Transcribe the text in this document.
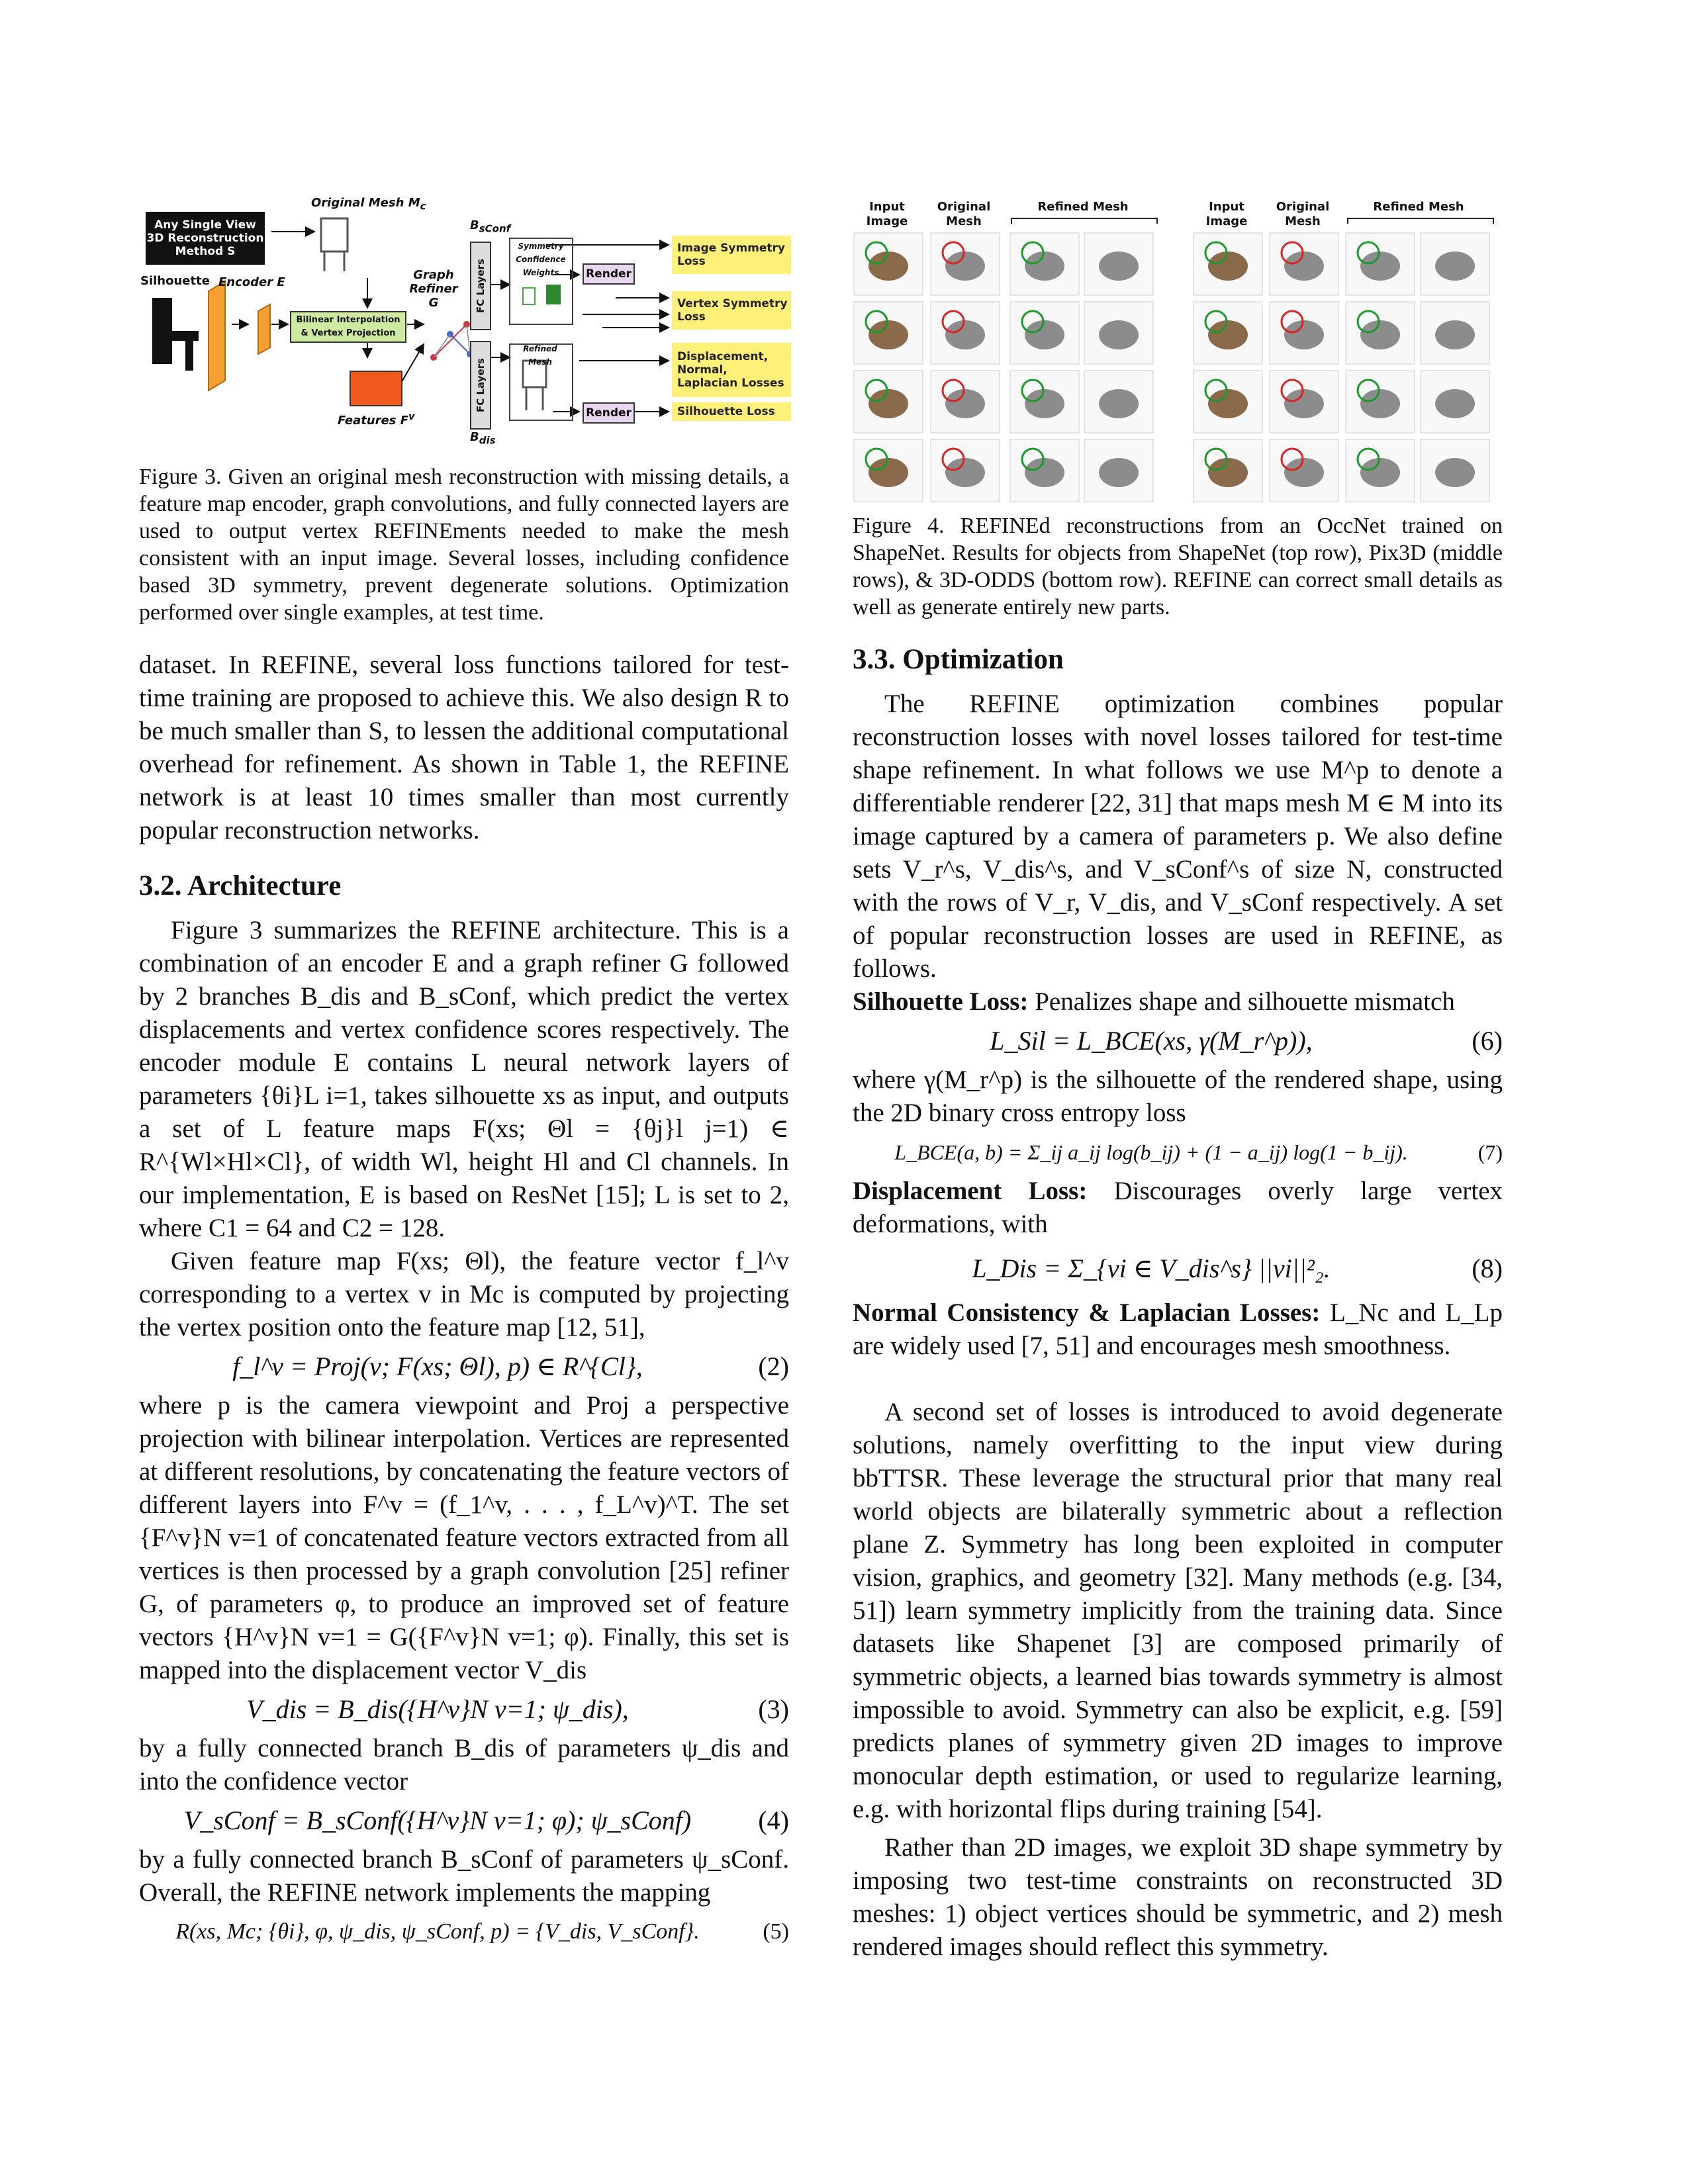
Any Single View 3D Reconstruction Method S
Original Mesh $M_c$
Silhouette Encoder E
Graph Refiner G
Bilinear Interpolation & Vertex Projection
Features $F^v$
$B_{sConf}$
FC Layers
FC Layers
$B_{dis}$
Symmetry Confidence Weights
Refined Mesh
Render
Render
Image Symmetry Loss
Vertex Symmetry Loss
Displacement, Normal, Laplacian Losses
Silhouette Loss

Figure 3. Given an original mesh reconstruction with missing details, a feature map encoder, graph convolutions, and fully connected layers are used to output vertex REFINEments needed to make the mesh consistent with an input image. Several losses, including confidence based 3D symmetry, prevent degenerate solutions. Optimization performed over single examples, at test time.

dataset. In REFINE, several loss functions tailored for test-time training are proposed to achieve this. We also design R to be much smaller than S, to lessen the additional computational overhead for refinement. As shown in Table 1, the REFINE network is at least 10 times smaller than most currently popular reconstruction networks.

3.2. Architecture

Figure 3 summarizes the REFINE architecture. This is a combination of an encoder E and a graph refiner G followed by 2 branches B_dis and B_sConf, which predict the vertex displacements and vertex confidence scores respectively. The encoder module E contains L neural network layers of parameters {θi}L i=1, takes silhouette xs as input, and outputs a set of L feature maps F(xs; Θl = {θj}l j=1) ∈ R^{Wl×Hl×Cl}, of width Wl, height Hl and Cl channels. In our implementation, E is based on ResNet [15]; L is set to 2, where C1 = 64 and C2 = 128.

Given feature map F(xs; Θl), the feature vector f_l^v corresponding to a vertex v in Mc is computed by projecting the vertex position onto the feature map [12, 51],

f_l^v = Proj(v; F(xs; Θl), p) ∈ R^{Cl},	(2)

where p is the camera viewpoint and Proj a perspective projection with bilinear interpolation. Vertices are represented at different resolutions, by concatenating the feature vectors of different layers into F^v = (f_1^v, . . . , f_L^v)^T. The set {F^v}N v=1 of concatenated feature vectors extracted from all vertices is then processed by a graph convolution [25] refiner G, of parameters φ, to produce an improved set of feature vectors {H^v}N v=1 = G({F^v}N v=1; φ). Finally, this set is mapped into the displacement vector V_dis

V_dis = B_dis({H^v}N v=1; ψ_dis),	(3)

by a fully connected branch B_dis of parameters ψ_dis and into the confidence vector

V_sConf = B_sConf({H^v}N v=1; φ); ψ_sConf)	(4)

by a fully connected branch B_sConf of parameters ψ_sConf. Overall, the REFINE network implements the mapping

R(xs, Mc; {θi}, φ, ψ_dis, ψ_sConf, p) = {V_dis, V_sConf}.	(5)
Input Image
Original Mesh
Refined Mesh	Input Image
Original Mesh
Refined Mesh

Figure 4. REFINEd reconstructions from an OccNet trained on ShapeNet. Results for objects from ShapeNet (top row), Pix3D (middle rows), & 3D-ODDS (bottom row). REFINE can correct small details as well as generate entirely new parts.

3.3. Optimization

The REFINE optimization combines popular reconstruction losses with novel losses tailored for test-time shape refinement. In what follows we use M^p to denote a differentiable renderer [22, 31] that maps mesh M ∈ M into its image captured by a camera of parameters p. We also define sets V_r^s, V_dis^s, and V_sConf^s of size N, constructed with the rows of V_r, V_dis, and V_sConf respectively. A set of popular reconstruction losses are used in REFINE, as follows.

Silhouette Loss: Penalizes shape and silhouette mismatch

L_Sil = L_BCE(xs, γ(M_r^p)),	(6)

where γ(M_r^p) is the silhouette of the rendered shape, using the 2D binary cross entropy loss

L_BCE(a, b) = Σ_ij a_ij log(b_ij) + (1 − a_ij) log(1 − b_ij).	(7)

Displacement Loss: Discourages overly large vertex deformations, with

L_Dis = Σ_{vi ∈ V_dis^s} ||vi||²₂.	(8)

Normal Consistency & Laplacian Losses: L_Nc and L_Lp are widely used [7, 51] and encourages mesh smoothness.

A second set of losses is introduced to avoid degenerate solutions, namely overfitting to the input view during bbTTSR. These leverage the structural prior that many real world objects are bilaterally symmetric about a reflection plane Z. Symmetry has long been exploited in computer vision, graphics, and geometry [32]. Many methods (e.g. [34, 51]) learn symmetry implicitly from the training data. Since datasets like Shapenet [3] are composed primarily of symmetric objects, a learned bias towards symmetry is almost impossible to avoid. Symmetry can also be explicit, e.g. [59] predicts planes of symmetry given 2D images to improve monocular depth estimation, or used to regularize learning, e.g. with horizontal flips during training [54].

Rather than 2D images, we exploit 3D shape symmetry by imposing two test-time constraints on reconstructed 3D meshes: 1) object vertices should be symmetric, and 2) mesh rendered images should reflect this symmetry.
